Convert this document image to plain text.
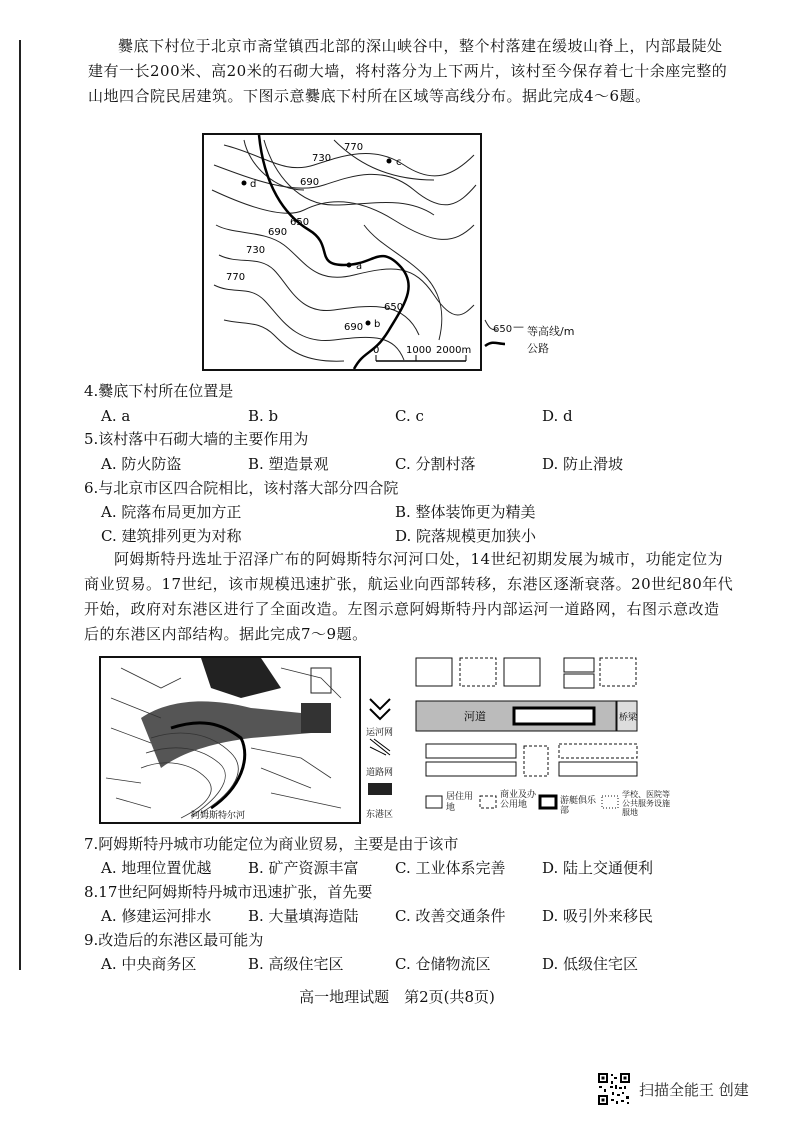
爨底下村位于北京市斋堂镇西北部的深山峡谷中，整个村落建在缓坡山脊上，内部最陡处建有一长200米、高20米的石砌大墙，将村落分为上下两片，该村至今保存着七十余座完整的山地四合院民居建筑。下图示意爨底下村所在区域等高线分布。据此完成4～6题。
770
730
690
650
690
730
770
650
690
c
d
a
b
0	1000 2000m
650 — 等高线/m
公路
4.爨底下村所在位置是
A. a	B. b	C. c	D. d
5.该村落中石砌大墙的主要作用为
A. 防火防盗	B. 塑造景观	C. 分割村落	D. 防止滑坡
6.与北京市区四合院相比，该村落大部分四合院
A. 院落布局更加方正	B. 整体装饰更为精美
C. 建筑排列更为对称	D. 院落规模更加狭小
阿姆斯特丹选址于沼泽广布的阿姆斯特尔河河口处，14世纪初期发展为城市，功能定位为商业贸易。17世纪，该市规模迅速扩张，航运业向西部转移，东港区逐渐衰落。20世纪80年代开始，政府对东港区进行了全面改造。左图示意阿姆斯特丹内部运河一道路网，右图示意改造后的东港区内部结构。据此完成7～9题。
阿姆斯特尔河
运河网
道路网
东港区
河道	桥梁
居住用地
商业及办公用地	游艇俱乐部
学校、医院等公共服务设施服地
7.阿姆斯特丹城市功能定位为商业贸易，主要是由于该市
A. 地理位置优越 B. 矿产资源丰富 C. 工业体系完善 D. 陆上交通便利
8.17世纪阿姆斯特丹城市迅速扩张，首先要
A. 修建运河排水 B. 大量填海造陆 C. 改善交通条件 D. 吸引外来移民
9.改造后的东港区最可能为
A. 中央商务区	B. 高级住宅区	C. 仓储物流区	D. 低级住宅区
高一地理试题　第2页(共8页)
扫描全能王 创建
